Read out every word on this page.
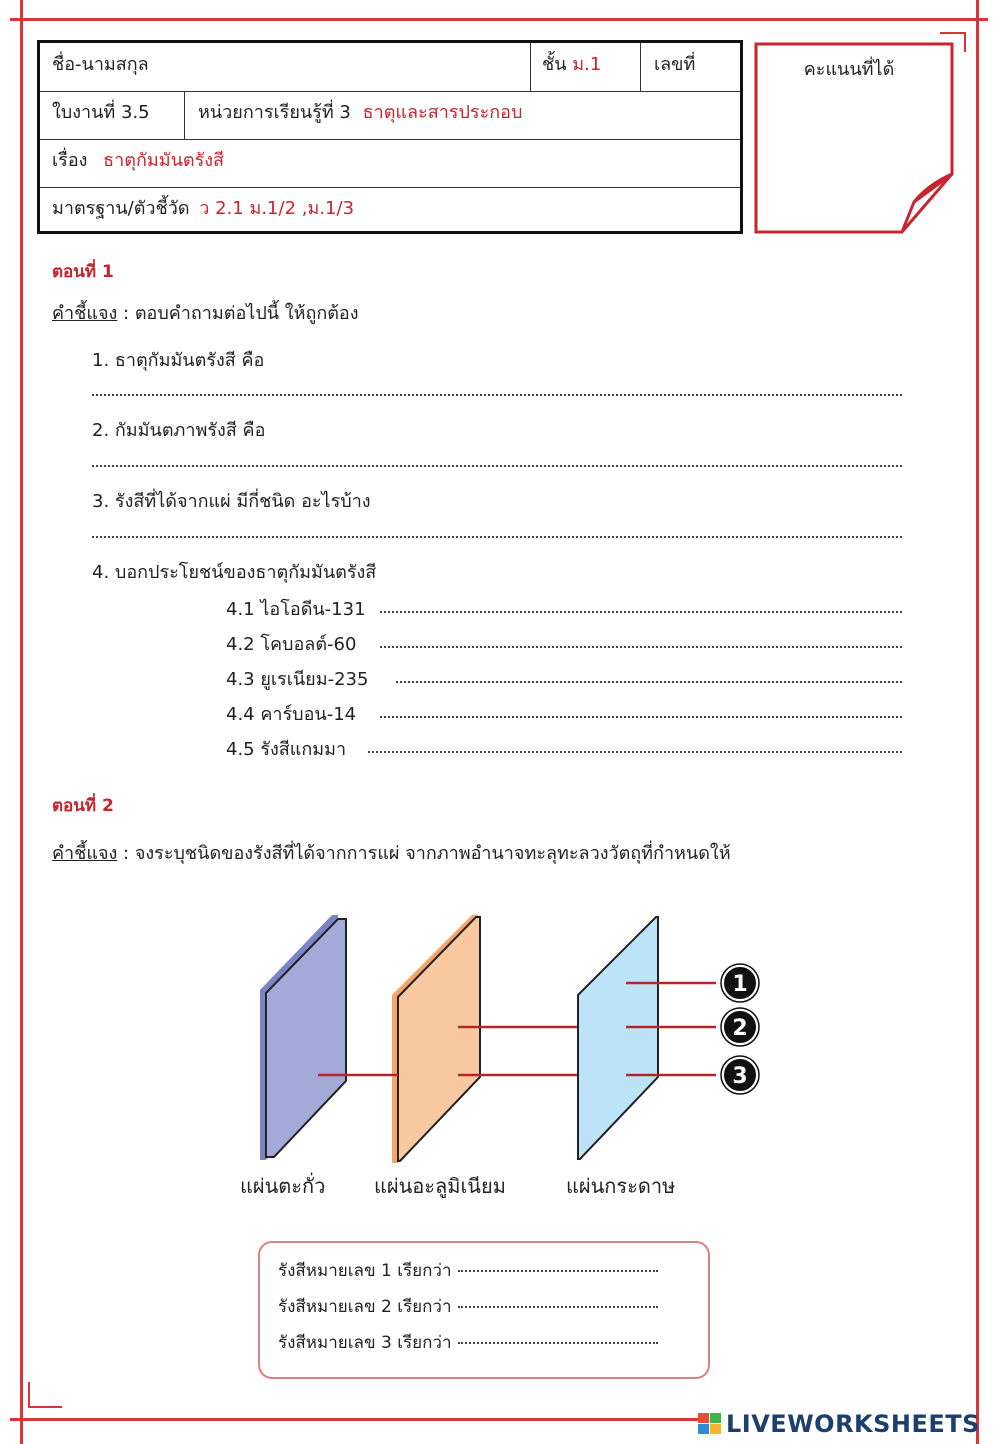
ชื่อ-นามสกุล	ชั้น ม.1	เลขที่
ใบงานที่ 3.5	หน่วยการเรียนรู้ที่ 3 ธาตุและสารประกอบ
เรื่อง ธาตุกัมมันตรังสี
มาตรฐาน/ตัวชี้วัด ว 2.1 ม.1/2 ,ม.1/3
คะแนนที่ได้
ตอนที่ 1
คำชี้แจง : ตอบคำถามต่อไปนี้ ให้ถูกต้อง
1. ธาตุกัมมันตรังสี คือ
2. กัมมันตภาพรังสี คือ
3. รังสีที่ได้จากแผ่ มีกี่ชนิด อะไรบ้าง
4. บอกประโยชน์ของธาตุกัมมันตรังสี
4.1 ไอโอดีน-131
4.2 โคบอลต์-60
4.3 ยูเรเนียม-235
4.4 คาร์บอน-14
4.5 รังสีแกมมา
ตอนที่ 2
คำชี้แจง : จงระบุชนิดของรังสีที่ได้จากการแผ่ จากภาพอำนาจทะลุทะลวงวัตถุที่กำหนดให้
1
2
3
แผ่นตะกั่ว แผ่นอะลูมิเนียม	แผ่นกระดาษ
รังสีหมายเลข 1 เรียกว่า
รังสีหมายเลข 2 เรียกว่า
รังสีหมายเลข 3 เรียกว่า
LIVEWORKSHEETS
